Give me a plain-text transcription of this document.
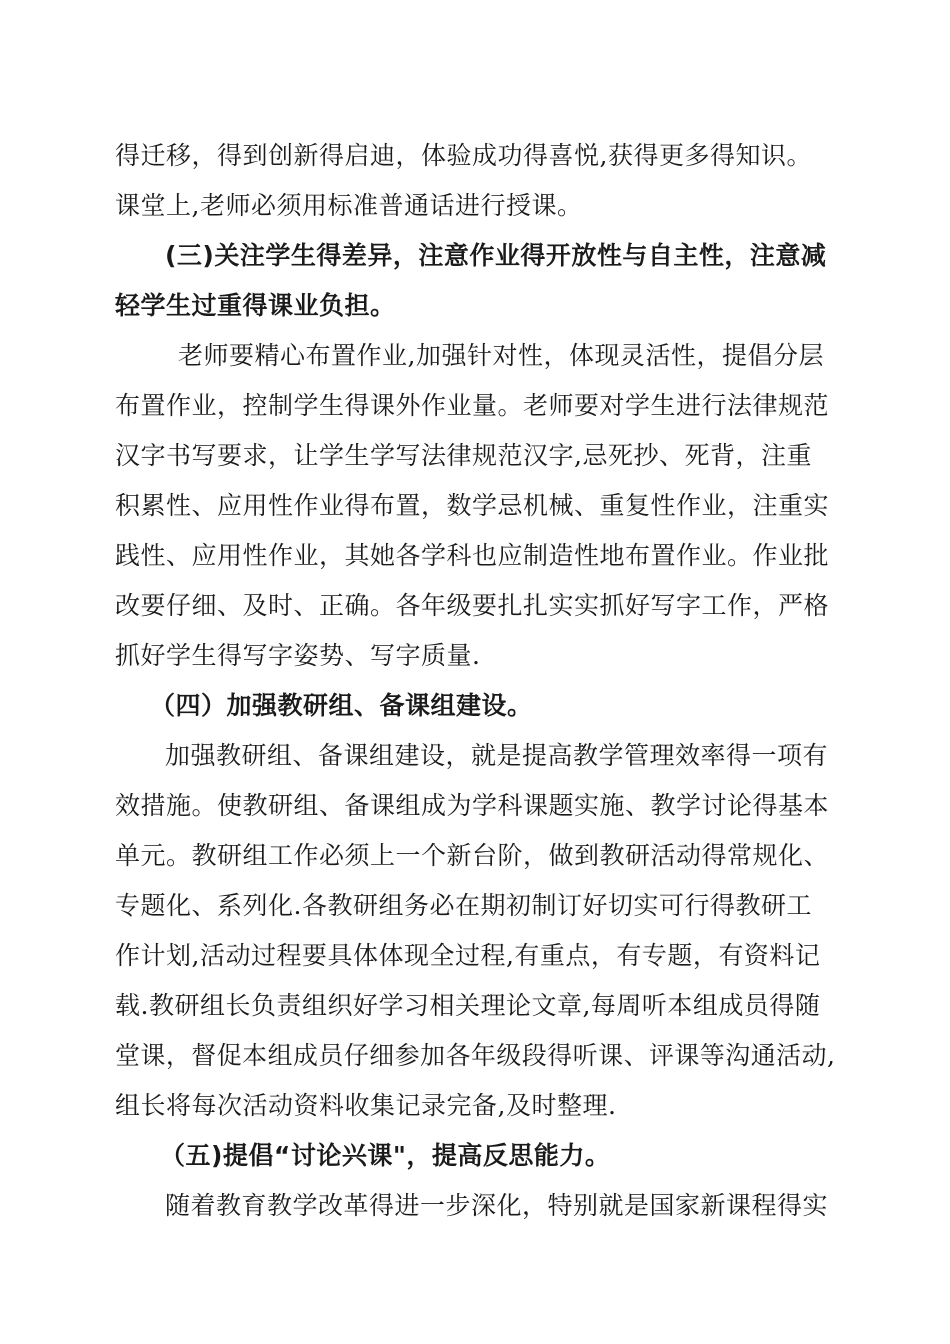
得迁移，得到创新得启迪，体验成功得喜悦,获得更多得知识。
课堂上,老师必须用标准普通话进行授课。
(三)关注学生得差异，注意作业得开放性与自主性，注意减
轻学生过重得课业负担。
老师要精心布置作业,加强针对性，体现灵活性，提倡分层
布置作业，控制学生得课外作业量。老师要对学生进行法律规范
汉字书写要求，让学生学写法律规范汉字,忌死抄、死背，注重
积累性、应用性作业得布置，数学忌机械、重复性作业，注重实
践性、应用性作业，其她各学科也应制造性地布置作业。作业批
改要仔细、及时、正确。各年级要扎扎实实抓好写字工作，严格
抓好学生得写字姿势、写字质量.
（四）加强教研组、备课组建设。
加强教研组、备课组建设，就是提高教学管理效率得一项有
效措施。使教研组、备课组成为学科课题实施、教学讨论得基本
单元。教研组工作必须上一个新台阶，做到教研活动得常规化、
专题化、系列化.各教研组务必在期初制订好切实可行得教研工
作计划,活动过程要具体体现全过程,有重点，有专题，有资料记
载.教研组长负责组织好学习相关理论文章,每周听本组成员得随
堂课，督促本组成员仔细参加各年级段得听课、评课等沟通活动,
组长将每次活动资料收集记录完备,及时整理.
（五)提倡“讨论兴课"，提高反思能力。
随着教育教学改革得进一步深化，特别就是国家新课程得实
